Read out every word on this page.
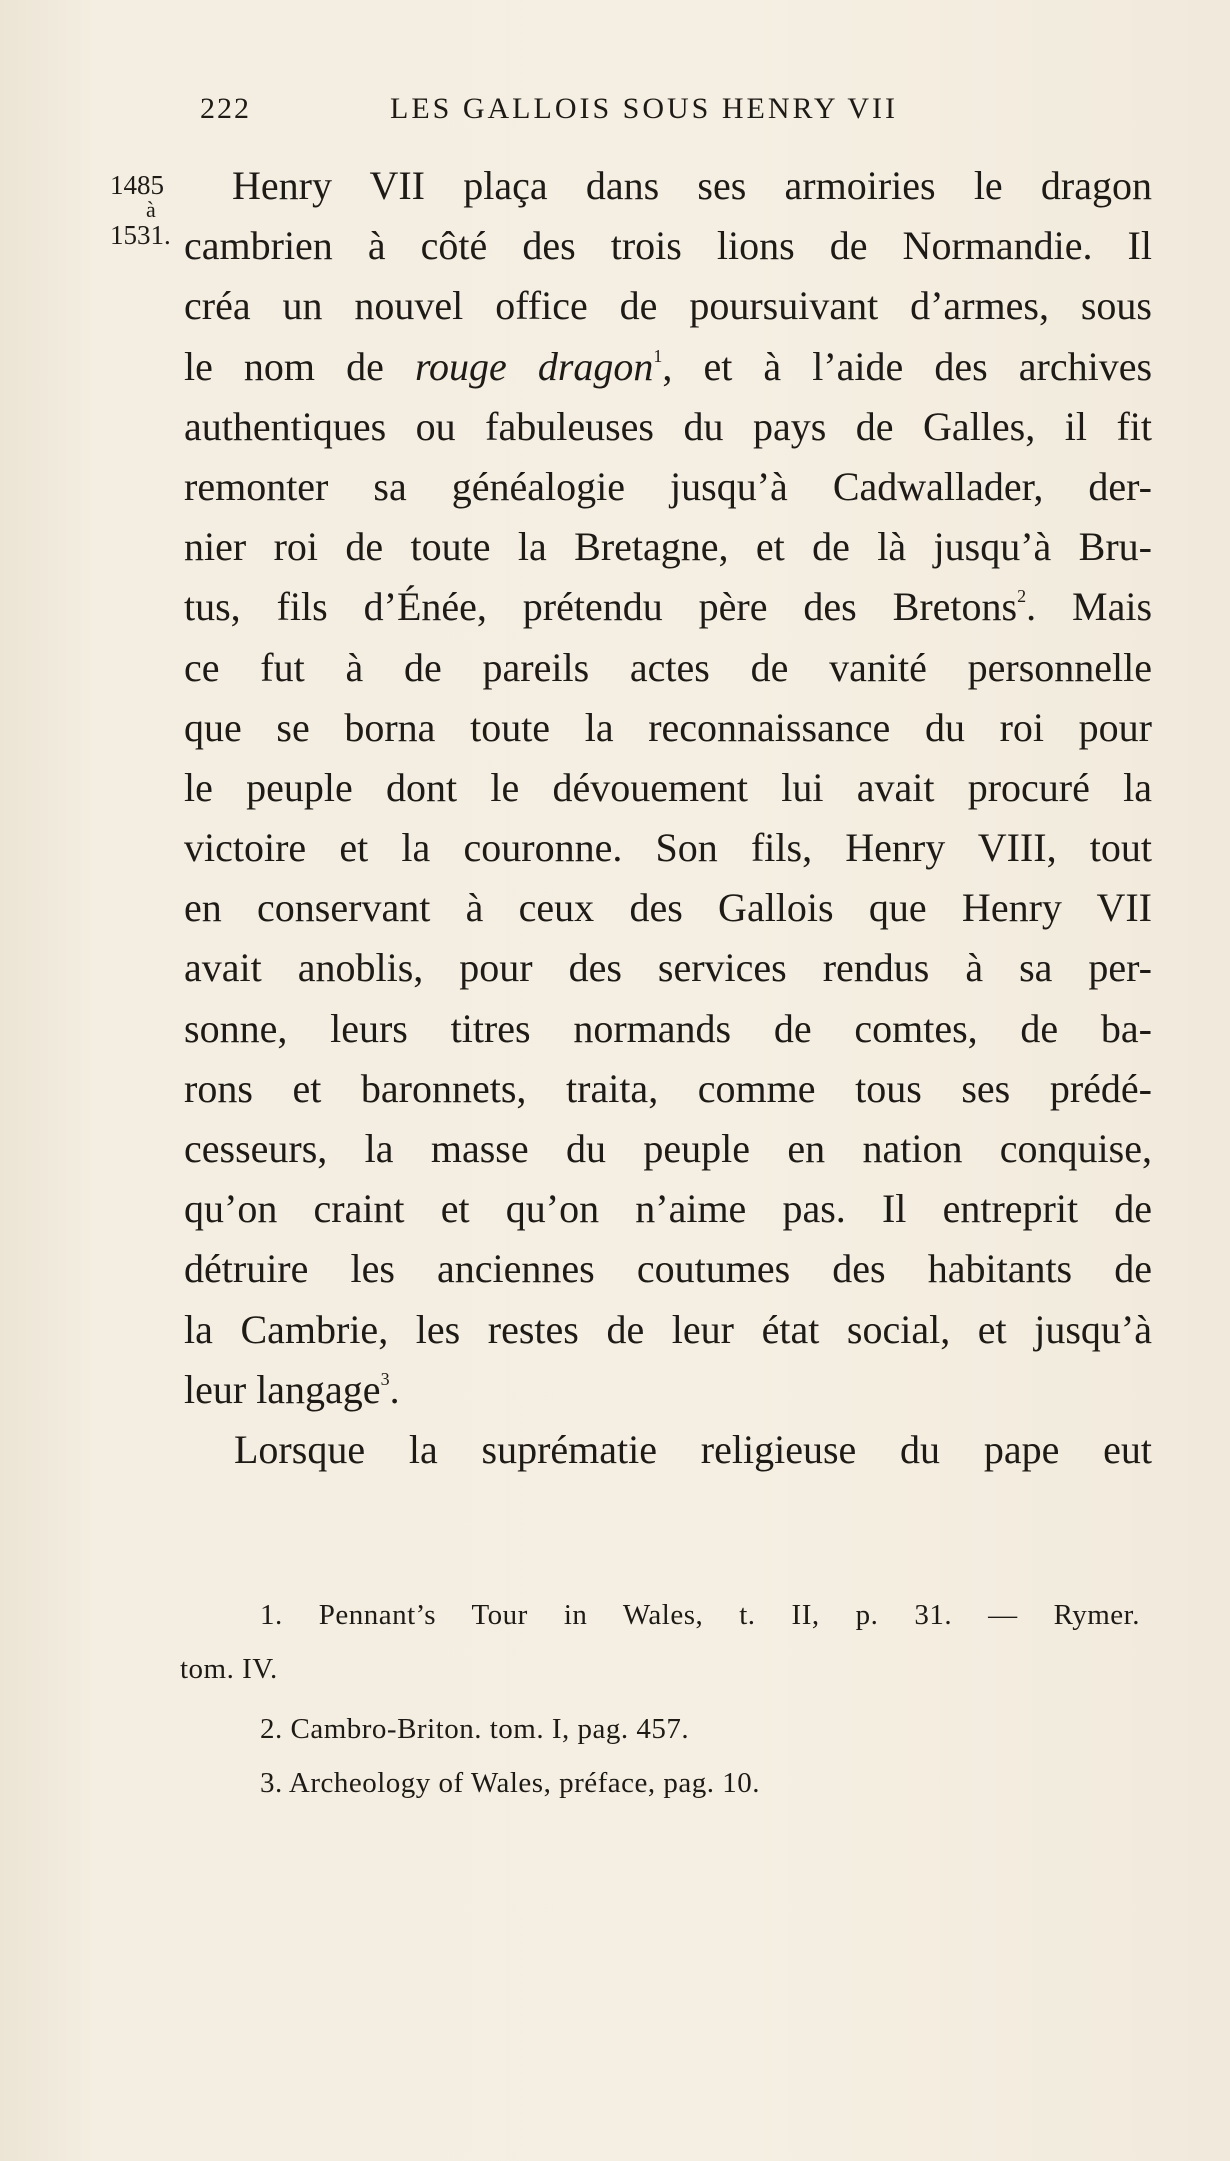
222	LES GALLOIS SOUS HENRY VII
1485
à
1531.
Henry VII plaça dans ses armoiries le dragon
cambrien à côté des trois lions de Normandie. Il
créa un nouvel office de poursuivant d’armes, sous
le nom de rouge dragon$^1$, et à l’aide des archives
authentiques ou fabuleuses du pays de Galles, il fit
remonter sa généalogie jusqu’à Cadwallader, der-
nier roi de toute la Bretagne, et de là jusqu’à Bru-
tus, fils d’Énée, prétendu père des Bretons$^2$. Mais
ce fut à de pareils actes de vanité personnelle
que se borna toute la reconnaissance du roi pour
le peuple dont le dévouement lui avait procuré la
victoire et la couronne. Son fils, Henry VIII, tout
en conservant à ceux des Gallois que Henry VII
avait anoblis, pour des services rendus à sa per-
sonne, leurs titres normands de comtes, de ba-
rons et baronnets, traita, comme tous ses prédé-
cesseurs, la masse du peuple en nation conquise,
qu’on craint et qu’on n’aime pas. Il entreprit de
détruire les anciennes coutumes des habitants de
la Cambrie, les restes de leur état social, et jusqu’à
leur langage$^3$.
Lorsque la suprématie religieuse du pape eut
1. Pennant’s Tour in Wales, t. II, p. 31. — Rymer.
tom. IV.
2. Cambro-Briton. tom. I, pag. 457.
3. Archeology of Wales, préface, pag. 10.
